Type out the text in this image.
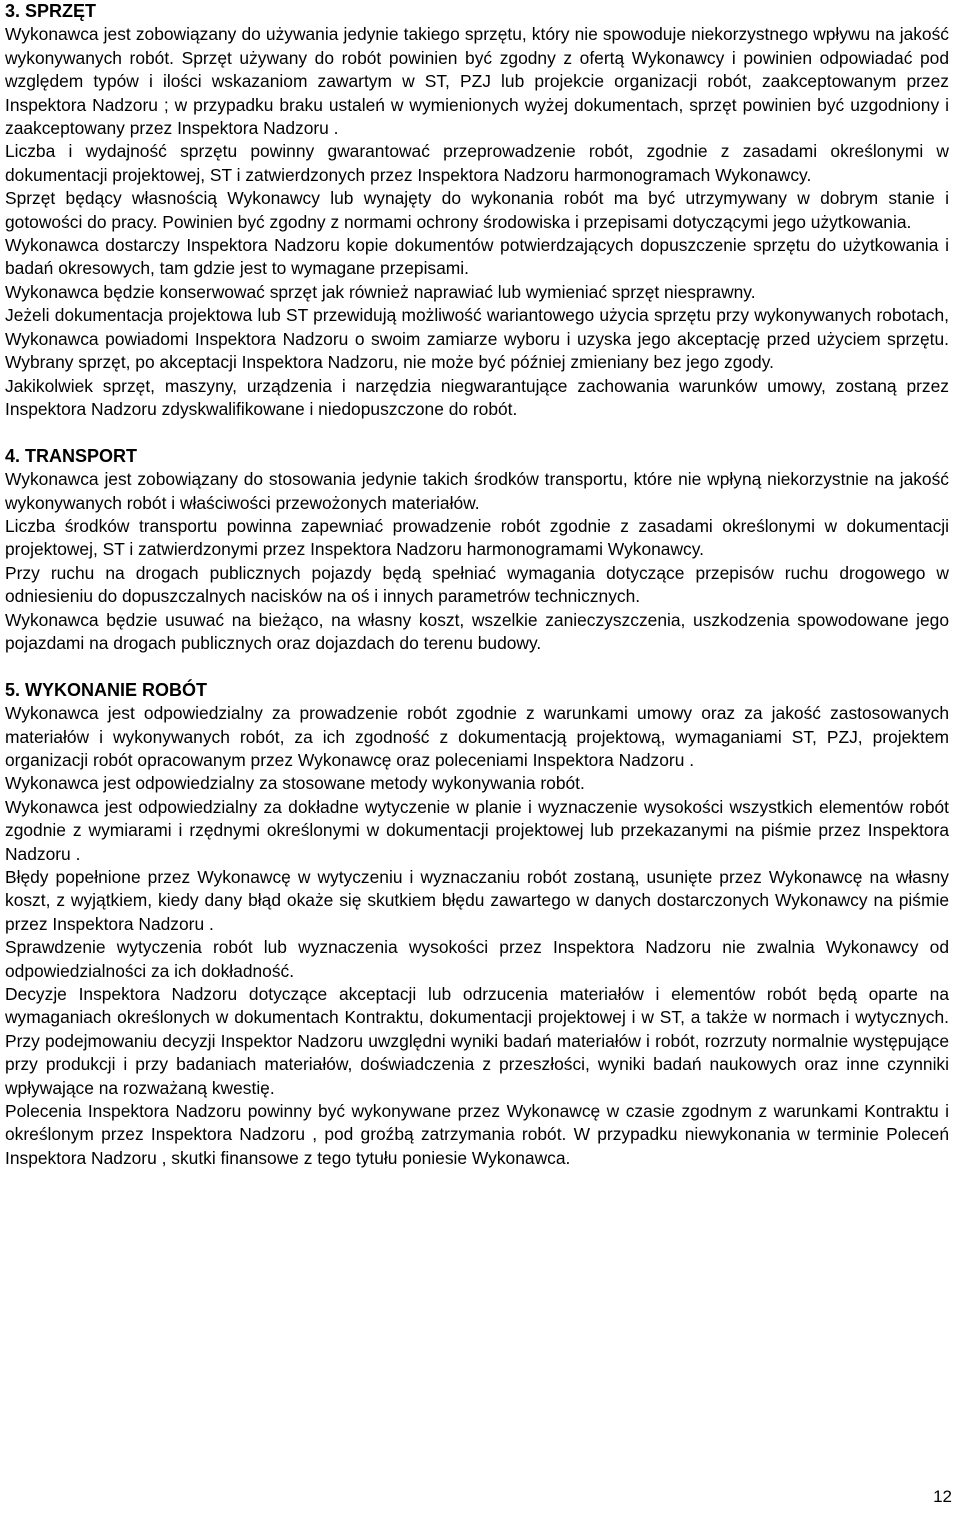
3. SPRZĘT

Wykonawca jest zobowiązany do używania jedynie takiego sprzętu, który nie spowoduje niekorzystnego wpływu na jakość wykonywanych robót. Sprzęt używany do robót powinien być zgodny z ofertą Wykonawcy i powinien odpowiadać pod względem typów i ilości wskazaniom zawartym w ST, PZJ lub projekcie organizacji robót, zaakceptowanym przez Inspektora Nadzoru ; w przypadku braku ustaleń w wymienionych wyżej dokumentach, sprzęt powinien być uzgodniony i zaakceptowany przez Inspektora Nadzoru .

Liczba i wydajność sprzętu powinny gwarantować przeprowadzenie robót, zgodnie z zasadami określonymi w dokumentacji projektowej, ST i zatwierdzonych przez Inspektora Nadzoru harmonogramach Wykonawcy.

Sprzęt będący własnością Wykonawcy lub wynajęty do wykonania robót ma być utrzymywany w dobrym stanie i gotowości do pracy. Powinien być zgodny z normami ochrony środowiska i przepisami dotyczącymi jego użytkowania.

Wykonawca dostarczy Inspektora Nadzoru kopie dokumentów potwierdzających dopuszczenie sprzętu do użytkowania i badań okresowych, tam gdzie jest to wymagane przepisami.

Wykonawca będzie konserwować sprzęt jak również naprawiać lub wymieniać sprzęt niesprawny.

Jeżeli dokumentacja projektowa lub ST przewidują możliwość wariantowego użycia sprzętu przy wykonywanych robotach, Wykonawca powiadomi Inspektora Nadzoru o swoim zamiarze wyboru i uzyska jego akceptację przed użyciem sprzętu. Wybrany sprzęt, po akceptacji Inspektora Nadzoru, nie może być później zmieniany bez jego zgody.

Jakikolwiek sprzęt, maszyny, urządzenia i narzędzia niegwarantujące zachowania warunków umowy, zostaną przez Inspektora Nadzoru zdyskwalifikowane i niedopuszczone do robót.

4. TRANSPORT

Wykonawca jest zobowiązany do stosowania jedynie takich środków transportu, które nie wpłyną niekorzystnie na jakość wykonywanych robót i właściwości przewożonych materiałów.

Liczba środków transportu powinna zapewniać prowadzenie robót zgodnie z zasadami określonymi w dokumentacji projektowej, ST i zatwierdzonymi przez Inspektora Nadzoru harmonogramami Wykonawcy.

Przy ruchu na drogach publicznych pojazdy będą spełniać wymagania dotyczące przepisów ruchu drogowego w odniesieniu do dopuszczalnych nacisków na oś i innych parametrów technicznych.

Wykonawca będzie usuwać na bieżąco, na własny koszt, wszelkie zanieczyszczenia, uszkodzenia spowodowane jego pojazdami na drogach publicznych oraz dojazdach do terenu budowy.

5. WYKONANIE ROBÓT

Wykonawca jest odpowiedzialny za prowadzenie robót zgodnie z warunkami umowy oraz za jakość zastosowanych materiałów i wykonywanych robót, za ich zgodność z dokumentacją projektową, wymaganiami ST, PZJ, projektem organizacji robót opracowanym przez Wykonawcę oraz poleceniami Inspektora Nadzoru .

Wykonawca jest odpowiedzialny za stosowane metody wykonywania robót.

Wykonawca jest odpowiedzialny za dokładne wytyczenie w planie i wyznaczenie wysokości wszystkich elementów robót zgodnie z wymiarami i rzędnymi określonymi w dokumentacji projektowej lub przekazanymi na piśmie przez Inspektora Nadzoru .

Błędy popełnione przez Wykonawcę w wytyczeniu i wyznaczaniu robót zostaną, usunięte przez Wykonawcę na własny koszt, z wyjątkiem, kiedy dany błąd okaże się skutkiem błędu zawartego w danych dostarczonych Wykonawcy na piśmie przez Inspektora Nadzoru .

Sprawdzenie wytyczenia robót lub wyznaczenia wysokości przez Inspektora Nadzoru nie zwalnia Wykonawcy od odpowiedzialności za ich dokładność.

Decyzje Inspektora Nadzoru dotyczące akceptacji lub odrzucenia materiałów i elementów robót będą oparte na wymaganiach określonych w dokumentach Kontraktu, dokumentacji projektowej i w ST, a także w normach i wytycznych. Przy podejmowaniu decyzji Inspektor Nadzoru uwzględni wyniki badań materiałów i robót, rozrzuty normalnie występujące przy produkcji i przy badaniach materiałów, doświadczenia z przeszłości, wyniki badań naukowych oraz inne czynniki wpływające na rozważaną kwestię.

Polecenia Inspektora Nadzoru powinny być wykonywane przez Wykonawcę w czasie zgodnym z warunkami Kontraktu i określonym przez Inspektora Nadzoru , pod groźbą zatrzymania robót. W przypadku niewykonania w terminie Poleceń Inspektora Nadzoru , skutki finansowe z tego tytułu poniesie Wykonawca.

12
